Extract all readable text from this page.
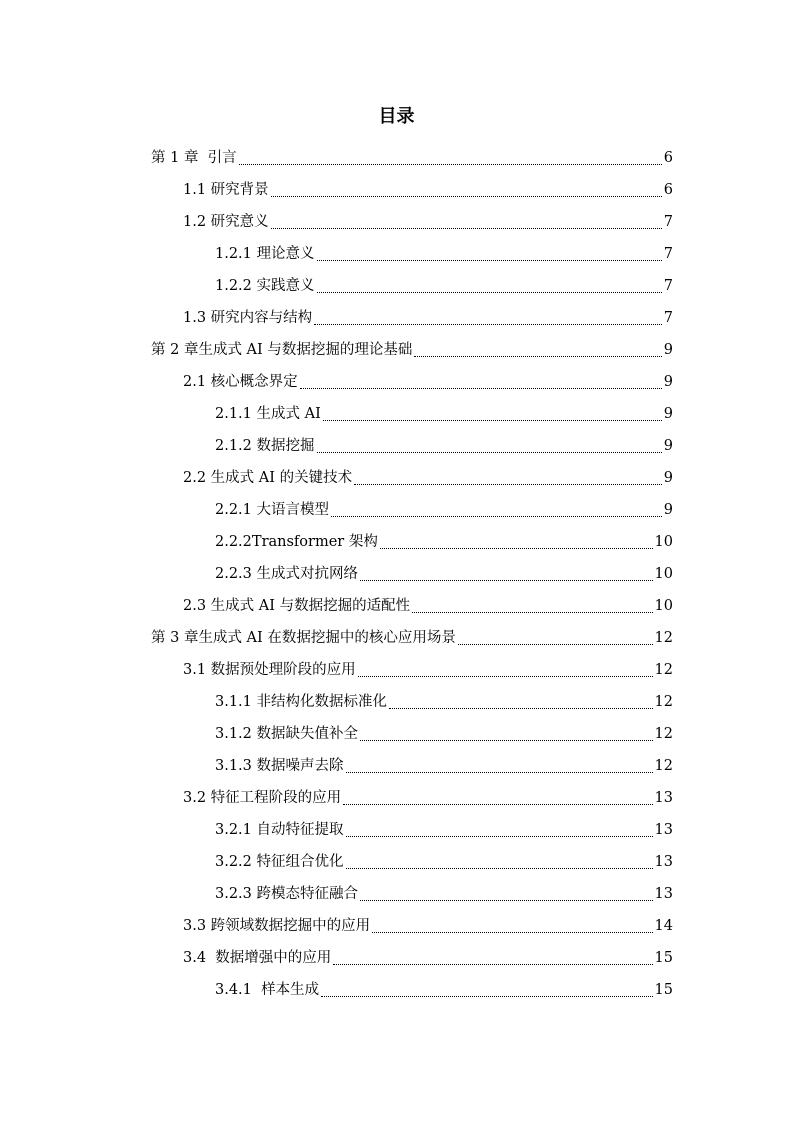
目录
第 1 章  引言	6
1.1 研究背景	6
1.2 研究意义	7
1.2.1 理论意义	7
1.2.2 实践意义	7
1.3 研究内容与结构	7
第 2 章生成式 AI 与数据挖掘的理论基础	9
2.1 核心概念界定	9
2.1.1 生成式 AI	9
2.1.2 数据挖掘	9
2.2 生成式 AI 的关键技术	9
2.2.1 大语言模型	9
2.2.2Transformer 架构	10
2.2.3 生成式对抗网络	10
2.3 生成式 AI 与数据挖掘的适配性	10
第 3 章生成式 AI 在数据挖掘中的核心应用场景	12
3.1 数据预处理阶段的应用	12
3.1.1 非结构化数据标准化	12
3.1.2 数据缺失值补全	12
3.1.3 数据噪声去除	12
3.2 特征工程阶段的应用	13
3.2.1 自动特征提取	13
3.2.2 特征组合优化	13
3.2.3 跨模态特征融合	13
3.3 跨领域数据挖掘中的应用	14
3.4  数据增强中的应用	15
3.4.1  样本生成	15
